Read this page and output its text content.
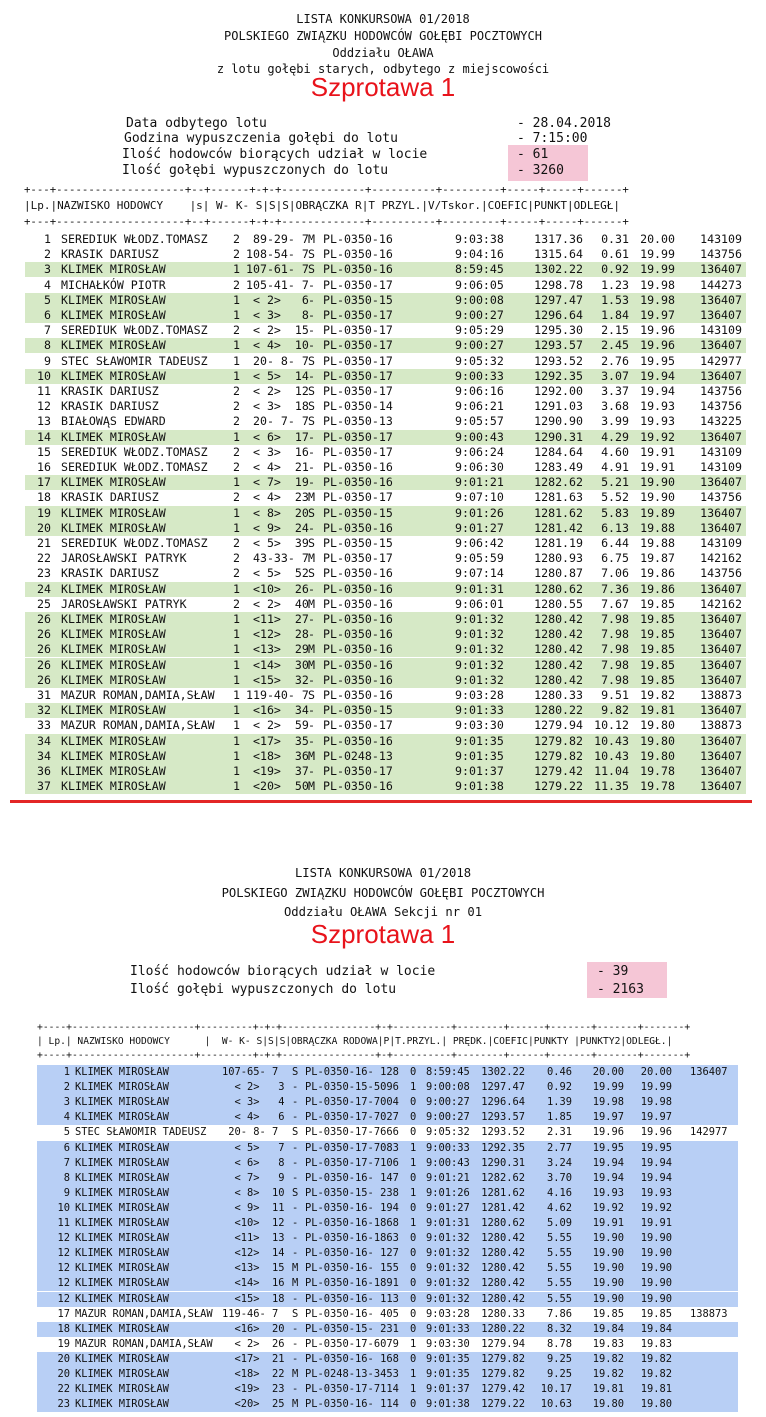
LISTA KONKURSOWA 01/2018
POLSKIEGO ZWIĄZKU HODOWCÓW GOŁĘBI POCZTOWYCH
Oddziału OŁAWA
z lotu gołębi starych, odbytego z miejscowości
Szprotawa 1
Data odbytego lotu	- 28.04.2018
Godzina wypuszczenia gołębi do lotu	- 7:15:00
Ilość hodowców biorących udział w locie	- 61
Ilość gołębi wypuszczonych do lotu	- 3260
+---+--------------------+--+------+-+-+-------------+----------+---------+-----+-----+------+
|Lp.|NAZWISKO HODOWCY    |s| W- K- S|S|S|OBRĄCZKA R|T PRZYL.|V/Tskor.|COEFIC|PUNKT|ODLEGŁ|
+---+--------------------+--+------+-+-+-------------+----------+---------+-----+-----+------+
1 SEREDIUK WŁODZ.TOMASZ 2 89-29- 7 M PL-0350-16	9:03:38	1317.36	0.31 20.00	143109
2 KRASIK DARIUSZ	2 108-54- 7 S PL-0350-16	9:04:16	1315.64	0.61 19.99	143756
3 KLIMEK MIROSŁAW	1 107-61- 7 S PL-0350-16	8:59:45	1302.22	0.92 19.99	136407
4 MICHAŁKÓW PIOTR	2 105-41- 7 - PL-0350-17	9:06:05	1298.78	1.23 19.98	144273
5 KLIMEK MIROSŁAW	1 < 2>   6 - PL-0350-15	9:00:08	1297.47	1.53 19.98	136407
6 KLIMEK MIROSŁAW	1 < 3>   8 - PL-0350-17	9:00:27	1296.64	1.84 19.97	136407
7 SEREDIUK WŁODZ.TOMASZ 2 < 2>  15 - PL-0350-17	9:05:29	1295.30	2.15 19.96	143109
8 KLIMEK MIROSŁAW	1 < 4>  10 - PL-0350-17	9:00:27	1293.57	2.45 19.96	136407
9 STEC SŁAWOMIR TADEUSZ 1 20- 8- 7 S PL-0350-17	9:05:32	1293.52	2.76 19.95	142977
10 KLIMEK MIROSŁAW	1 < 5>  14 - PL-0350-17	9:00:33	1292.35	3.07 19.94	136407
11 KRASIK DARIUSZ	2 < 2>  12 S PL-0350-17	9:06:16	1292.00	3.37 19.94	143756
12 KRASIK DARIUSZ	2 < 3>  18 S PL-0350-14	9:06:21	1291.03	3.68 19.93	143756
13 BIAŁOWĄS EDWARD	2 20- 7- 7 S PL-0350-13	9:05:57	1290.90	3.99 19.93	143225
14 KLIMEK MIROSŁAW	1 < 6>  17 - PL-0350-17	9:00:43	1290.31	4.29 19.92	136407
15 SEREDIUK WŁODZ.TOMASZ 2 < 3>  16 - PL-0350-17	9:06:24	1284.64	4.60 19.91	143109
16 SEREDIUK WŁODZ.TOMASZ 2 < 4>  21 - PL-0350-16	9:06:30	1283.49	4.91 19.91	143109
17 KLIMEK MIROSŁAW	1 < 7>  19 - PL-0350-16	9:01:21	1282.62	5.21 19.90	136407
18 KRASIK DARIUSZ	2 < 4>  23 M PL-0350-17	9:07:10	1281.63	5.52 19.90	143756
19 KLIMEK MIROSŁAW	1 < 8>  20 S PL-0350-15	9:01:26	1281.62	5.83 19.89	136407
20 KLIMEK MIROSŁAW	1 < 9>  24 - PL-0350-16	9:01:27	1281.42	6.13 19.88	136407
21 SEREDIUK WŁODZ.TOMASZ 2 < 5>  39 S PL-0350-15	9:06:42	1281.19	6.44 19.88	143109
22 JAROSŁAWSKI PATRYK	2 43-33- 7 M PL-0350-17	9:05:59	1280.93	6.75 19.87	142162
23 KRASIK DARIUSZ	2 < 5>  52 S PL-0350-16	9:07:14	1280.87	7.06 19.86	143756
24 KLIMEK MIROSŁAW	1 <10>  26 - PL-0350-16	9:01:31	1280.62	7.36 19.86	136407
25 JAROSŁAWSKI PATRYK	2 < 2>  40 M PL-0350-16	9:06:01	1280.55	7.67 19.85	142162
26 KLIMEK MIROSŁAW	1 <11>  27 - PL-0350-16	9:01:32	1280.42	7.98 19.85	136407
26 KLIMEK MIROSŁAW	1 <12>  28 - PL-0350-16	9:01:32	1280.42	7.98 19.85	136407
26 KLIMEK MIROSŁAW	1 <13>  29 M PL-0350-16	9:01:32	1280.42	7.98 19.85	136407
26 KLIMEK MIROSŁAW	1 <14>  30 M PL-0350-16	9:01:32	1280.42	7.98 19.85	136407
26 KLIMEK MIROSŁAW	1 <15>  32 - PL-0350-16	9:01:32	1280.42	7.98 19.85	136407
31 MAZUR ROMAN,DAMIA,SŁAW 1 119-40- 7 S PL-0350-16	9:03:28	1280.33	9.51 19.82	138873
32 KLIMEK MIROSŁAW	1 <16>  34 - PL-0350-15	9:01:33	1280.22	9.82 19.81	136407
33 MAZUR ROMAN,DAMIA,SŁAW 1 < 2>  59 - PL-0350-17	9:03:30	1279.94 10.12 19.80	138873
34 KLIMEK MIROSŁAW	1 <17>  35 - PL-0350-16	9:01:35	1279.82 10.43 19.80	136407
34 KLIMEK MIROSŁAW	1 <18>  36 M PL-0248-13	9:01:35	1279.82 10.43 19.80	136407
36 KLIMEK MIROSŁAW	1 <19>  37 - PL-0350-17	9:01:37	1279.42 11.04 19.78	136407
37 KLIMEK MIROSŁAW	1 <20>  50 M PL-0350-16	9:01:38	1279.22 11.35 19.78	136407
LISTA KONKURSOWA 01/2018
POLSKIEGO ZWIĄZKU HODOWCÓW GOŁĘBI POCZTOWYCH
Oddziału OŁAWA Sekcji nr 01
Szprotawa 1
Ilość hodowców biorących udział w locie	- 39
Ilość gołębi wypuszczonych do lotu	- 2163
+----+---------------------+---------+-+-+----------------+-+----------+--------+------+-------+-------+-------+
| Lp.| NAZWISKO HODOWCY      |  W- K- S|S|S|OBRĄCZKA RODOWA|P|T.PRZYL.| PRĘDK.|COEFIC|PUNKTY |PUNKTY2|ODLEGŁ.|
+----+---------------------+---------+-+-+----------------+-+----------+--------+------+-------+-------+-------+
1 KLIMEK MIROSŁAW	107-65- 7 S PL-0350-16- 128 0 8:59:45	1302.22	0.46	20.00	20.00 136407
2 KLIMEK MIROSŁAW	< 2>   3 - PL-0350-15-5096 1 9:00:08	1297.47	0.92	19.99	19.99
3 KLIMEK MIROSŁAW	< 3>   4 - PL-0350-17-7004 0 9:00:27	1296.64	1.39	19.98	19.98
4 KLIMEK MIROSŁAW	< 4>   6 - PL-0350-17-7027 0 9:00:27	1293.57	1.85	19.97	19.97
5 STEC SŁAWOMIR TADEUSZ 20- 8- 7 S PL-0350-17-7666 0 9:05:32	1293.52	2.31	19.96	19.96 142977
6 KLIMEK MIROSŁAW	< 5>   7 - PL-0350-17-7083 1 9:00:33	1292.35	2.77	19.95	19.95
7 KLIMEK MIROSŁAW	< 6>   8 - PL-0350-17-7106 1 9:00:43	1290.31	3.24	19.94	19.94
8 KLIMEK MIROSŁAW	< 7>   9 - PL-0350-16- 147 0 9:01:21	1282.62	3.70	19.94	19.94
9 KLIMEK MIROSŁAW	< 8>  10 S PL-0350-15- 238 1 9:01:26	1281.62	4.16	19.93	19.93
10 KLIMEK MIROSŁAW	< 9>  11 - PL-0350-16- 194 0 9:01:27	1281.42	4.62	19.92	19.92
11 KLIMEK MIROSŁAW	<10>  12 - PL-0350-16-1868 1 9:01:31	1280.62	5.09	19.91	19.91
12 KLIMEK MIROSŁAW	<11>  13 - PL-0350-16-1863 0 9:01:32	1280.42	5.55	19.90	19.90
12 KLIMEK MIROSŁAW	<12>  14 - PL-0350-16- 127 0 9:01:32	1280.42	5.55	19.90	19.90
12 KLIMEK MIROSŁAW	<13>  15 M PL-0350-16- 155 0 9:01:32	1280.42	5.55	19.90	19.90
12 KLIMEK MIROSŁAW	<14>  16 M PL-0350-16-1891 0 9:01:32	1280.42	5.55	19.90	19.90
12 KLIMEK MIROSŁAW	<15>  18 - PL-0350-16- 113 0 9:01:32	1280.42	5.55	19.90	19.90
17 MAZUR ROMAN,DAMIA,SŁAW 119-46- 7 S PL-0350-16- 405 0 9:03:28	1280.33	7.86	19.85	19.85 138873
18 KLIMEK MIROSŁAW	<16>  20 - PL-0350-15- 231 0 9:01:33	1280.22	8.32	19.84	19.84
19 MAZUR ROMAN,DAMIA,SŁAW < 2>  26 - PL-0350-17-6079 1 9:03:30	1279.94	8.78	19.83	19.83
20 KLIMEK MIROSŁAW	<17>  21 - PL-0350-16- 168 0 9:01:35	1279.82	9.25	19.82	19.82
20 KLIMEK MIROSŁAW	<18>  22 M PL-0248-13-3453 1 9:01:35	1279.82	9.25	19.82	19.82
22 KLIMEK MIROSŁAW	<19>  23 - PL-0350-17-7114 1 9:01:37	1279.42	10.17	19.81	19.81
23 KLIMEK MIROSŁAW	<20>  25 M PL-0350-16- 114 0 9:01:38	1279.22	10.63	19.80	19.80
